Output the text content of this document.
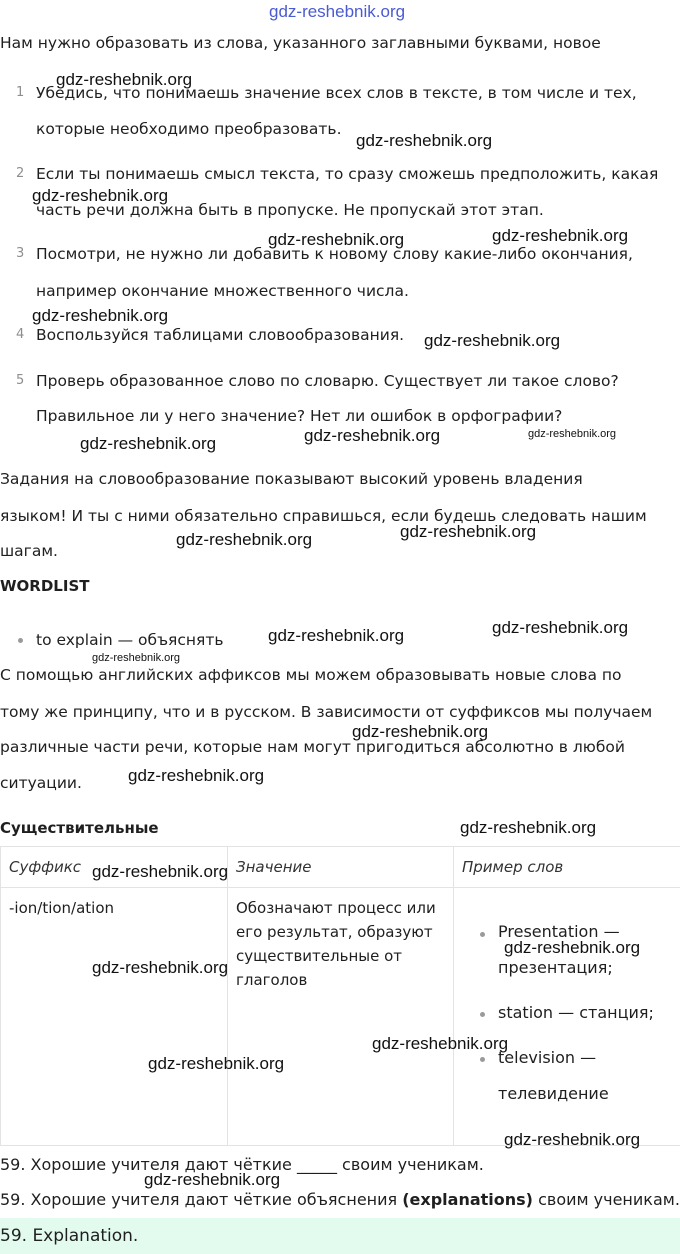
gdz-reshebnik.org
Нам нужно образовать из слова, указанного заглавными буквами, новое
1 Убедись, что понимаешь значение всех слов в тексте, в том числе и тех,
которые необходимо преобразовать.
2 Если ты понимаешь смысл текста, то сразу сможешь предположить, какая
часть речи должна быть в пропуске. Не пропускай этот этап.
3 Посмотри, не нужно ли добавить к новому слову какие-либо окончания,
например окончание множественного числа.
4 Воспользуйся таблицами словообразования.
5 Проверь образованное слово по словарю. Существует ли такое слово?
Правильное ли у него значение? Нет ли ошибок в орфографии?
Задания на словообразование показывают высокий уровень владения
языком! И ты с ними обязательно справишься, если будешь следовать нашим
шагам.
WORDLIST
to explain — объяснять
С помощью английских аффиксов мы можем образовывать новые слова по
тому же принципу, что и в русском. В зависимости от суффиксов мы получаем
различные части речи, которые нам могут пригодиться абсолютно в любой
ситуации.
Существительные
Суффикс	Значение	Пример слов

-ion/tion/ation	Обозначают процесс или
его результат, образуют
существительные от
глаголов	

Presentation —
презентация;
station — станция;
television —
телевидение
59. Хорошие учителя дают чёткие _____ своим ученикам.
59. Хорошие учителя дают чёткие объяснения (explanations) своим ученикам.
59. Explanation.
gdz-reshebnik.org
gdz-reshebnik.org
gdz-reshebnik.org
gdz-reshebnik.org	gdz-reshebnik.org
gdz-reshebnik.org
gdz-reshebnik.org
gdz-reshebnik.org	gdz-reshebnik.org	gdz-reshebnik.org
gdz-reshebnik.org	gdz-reshebnik.org
gdz-reshebnik.org	gdz-reshebnik.org
gdz-reshebnik.org
gdz-reshebnik.org
gdz-reshebnik.org
gdz-reshebnik.org
gdz-reshebnik.org
gdz-reshebnik.org
gdz-reshebnik.org
gdz-reshebnik.org
gdz-reshebnik.org
gdz-reshebnik.org
gdz-reshebnik.org
